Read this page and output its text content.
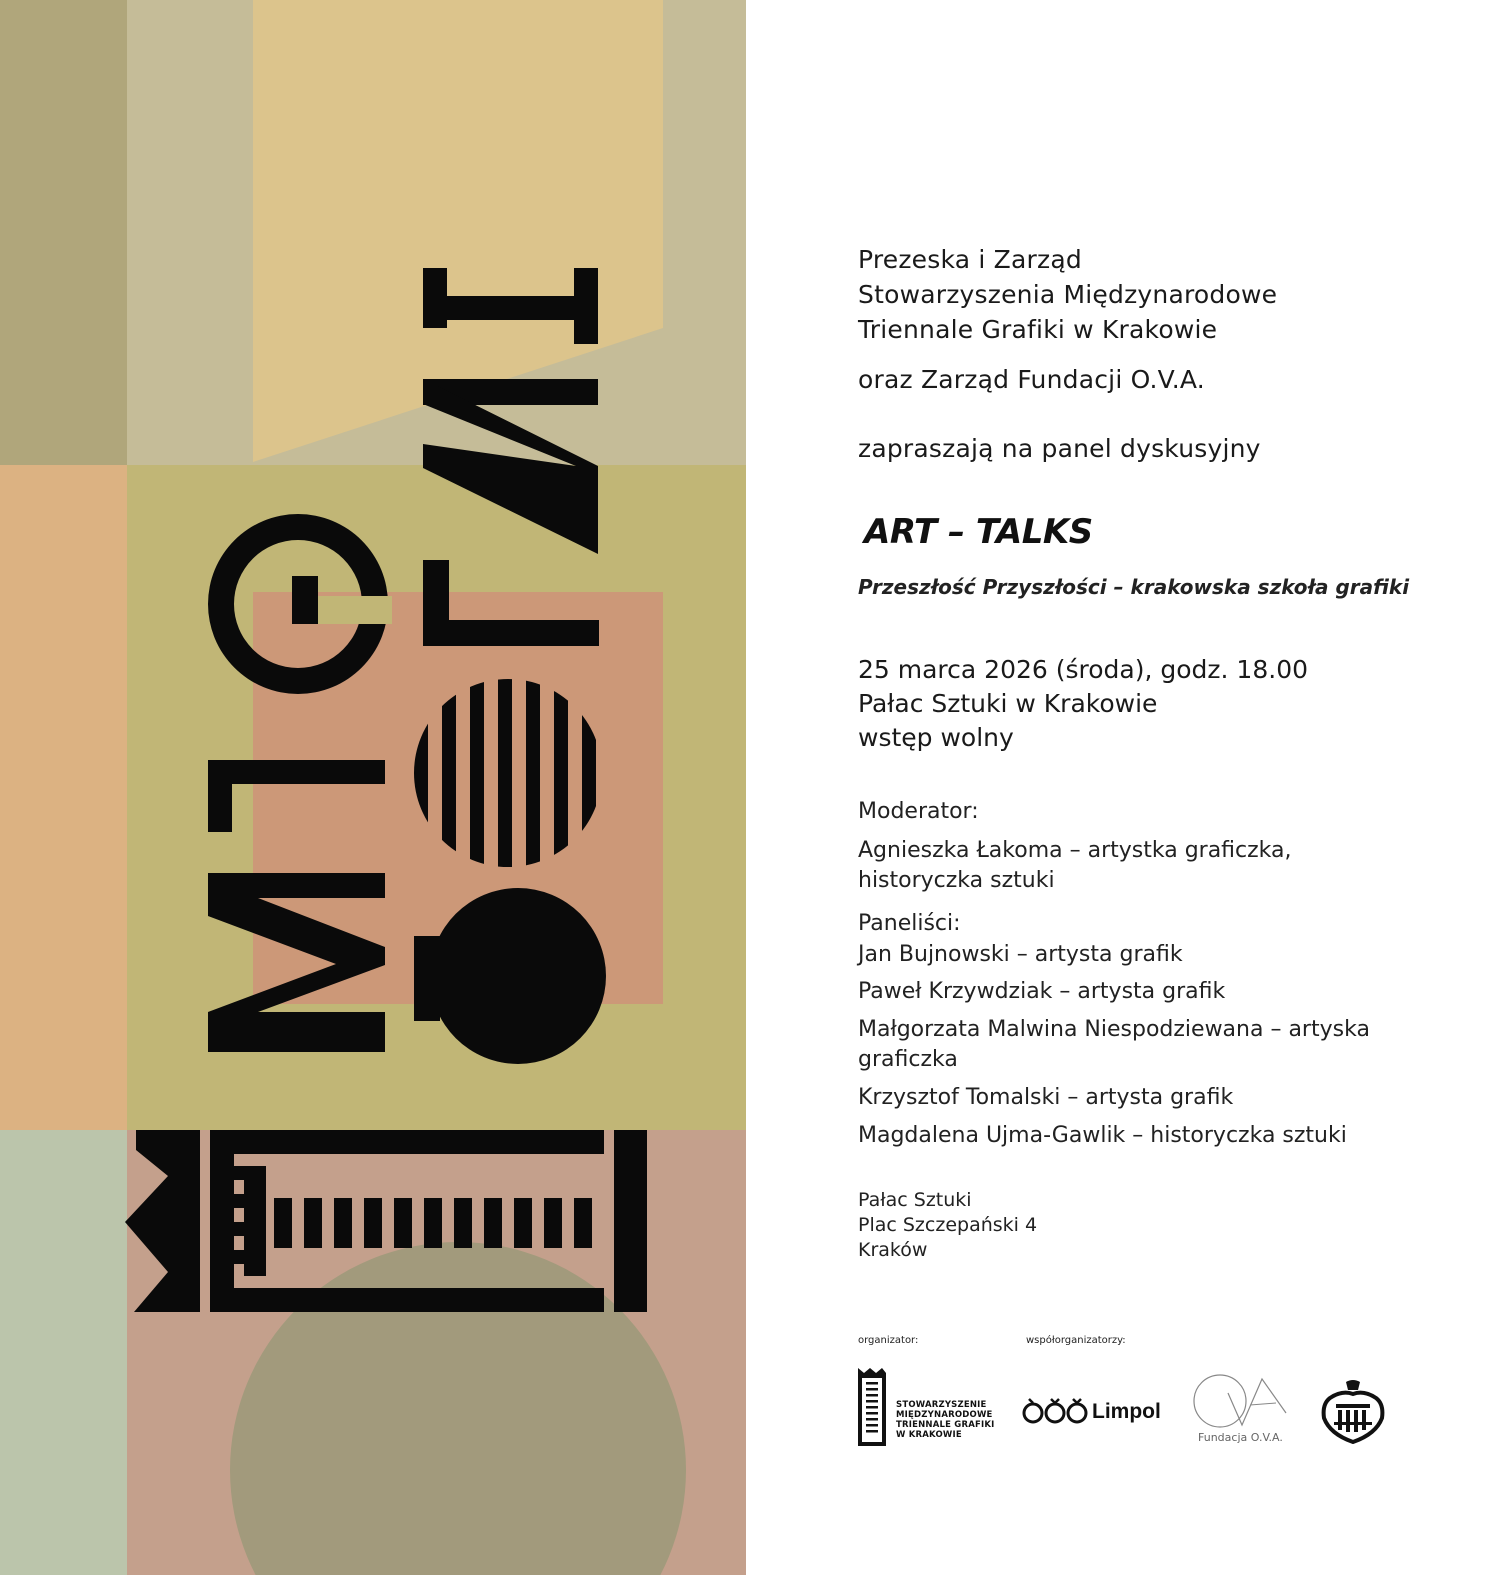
Prezeska i Zarząd
Stowarzyszenia Międzynarodowe
Triennale Grafiki w Krakowie
oraz Zarząd Fundacji O.V.A.
zapraszają na panel dyskusyjny
ART – TALKS
Przeszłość Przyszłości – krakowska szkoła grafiki
25 marca 2026 (środa), godz. 18.00
Pałac Sztuki w Krakowie
wstęp wolny
Moderator:
Agnieszka Łakoma – artystka graficzka,
historyczka sztuki
Paneliści:
Jan Bujnowski – artysta grafik
Paweł Krzywdziak – artysta grafik
Małgorzata Malwina Niespodziewana – artyska
graficzka
Krzysztof Tomalski – artysta grafik
Magdalena Ujma-Gawlik – historyczka sztuki
Pałac Sztuki
Plac Szczepański 4
Kraków
organizator:	współorganizatorzy:
STOWARZYSZENIE
MIĘDZYNARODOWE
TRIENNALE GRAFIKI
W KRAKOWIE
Limpol
Fundacja O.V.A.
